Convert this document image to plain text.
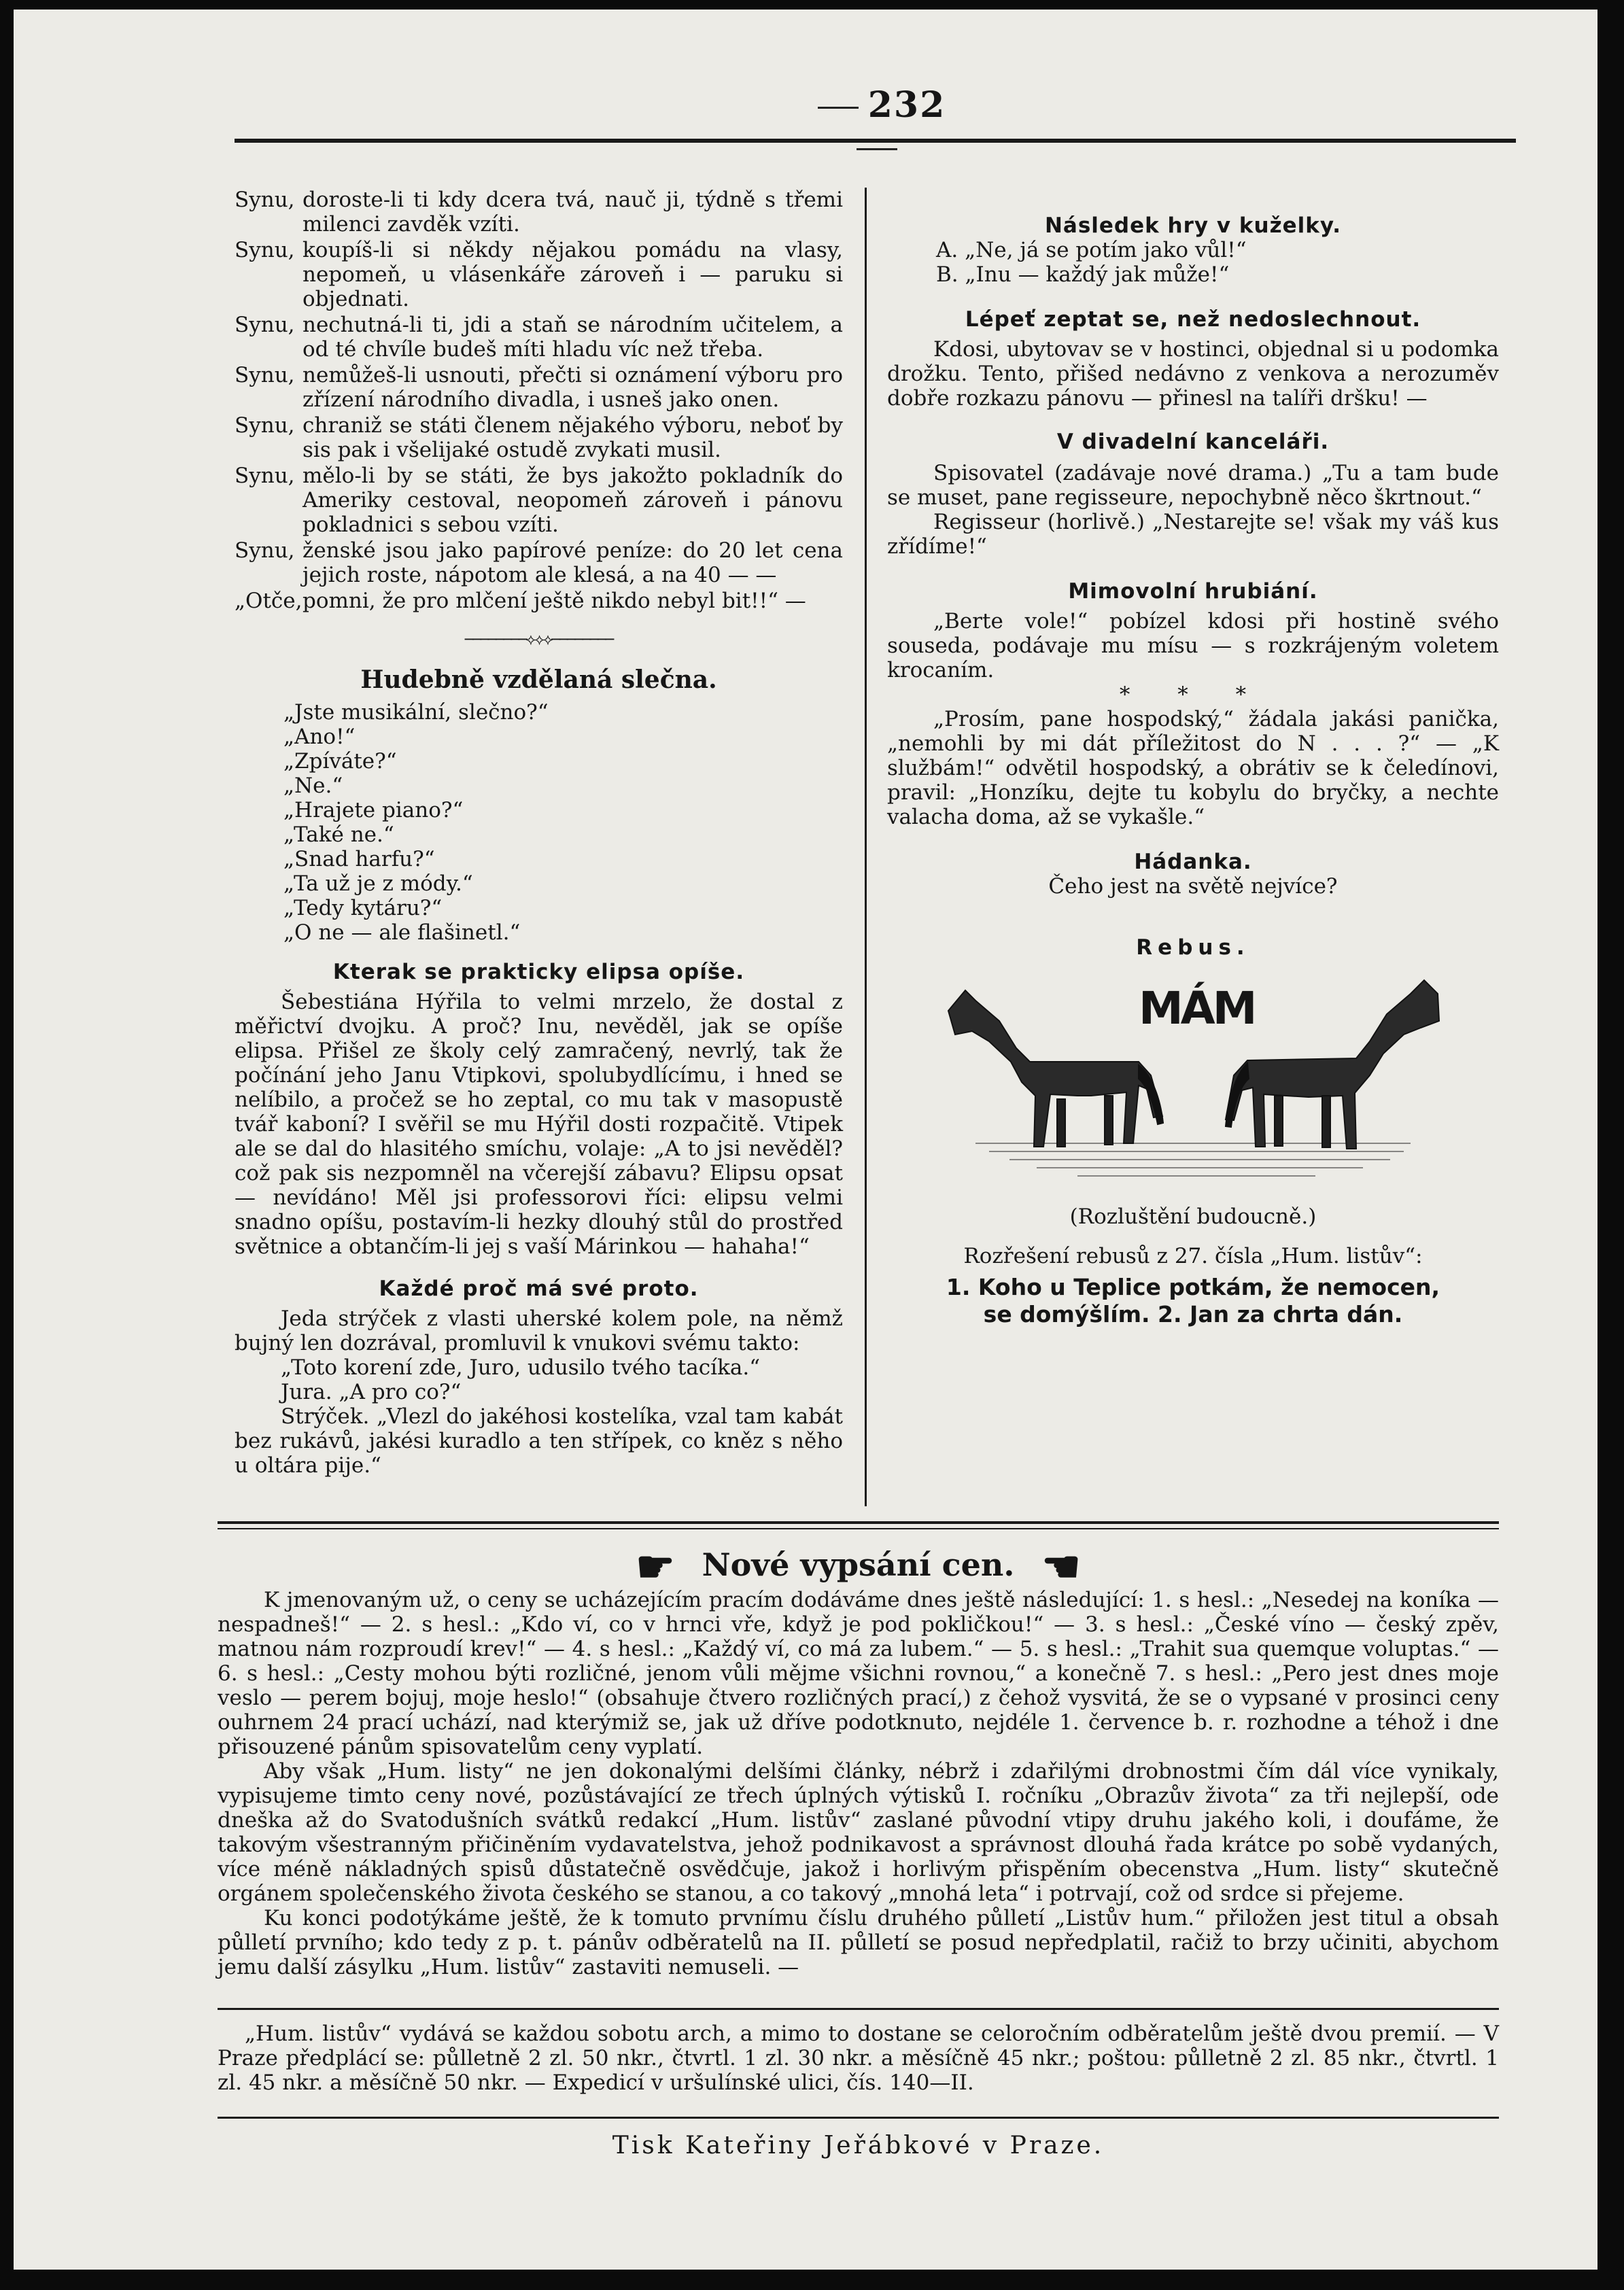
232
Synu, doroste-li ti kdy dcera tvá, nauč ji, týdně s třemi milenci zavděk vzíti.
Synu, koupíš-li si někdy nějakou pomádu na vlasy, nepomeň, u vlásenkáře zároveň i — paruku si objednati.
Synu, nechutná-li ti, jdi a staň se národním učitelem, a od té chvíle budeš míti hladu víc než třeba.
Synu, nemůžeš-li usnouti, přečti si oznámení výboru pro zřízení národního divadla, i usneš jako onen.
Synu, chraniž se státi členem nějakého výboru, neboť by sis pak i všelijaké ostudě zvykati musil.
Synu, mělo-li by se státi, že bys jakožto pokladník do Ameriky cestoval, neopomeň zároveň i pánovu pokladnici s sebou vzíti.
Synu, ženské jsou jako papírové peníze: do 20 let cena jejich roste, nápotom ale klesá, a na 40 — —
„Otče, pomni, že pro mlčení ještě nikdo nebyl bit!!“ —
────────⟡⟡⟡────────

Hudebně vzdělaná slečna.

„Jste musikální, slečno?“

„Ano!“

„Zpíváte?“

„Ne.“

„Hrajete piano?“

„Také ne.“

„Snad harfu?“

„Ta už je z módy.“

„Tedy kytáru?“

„O ne — ale flašinetl.“

Kterak se prakticky elipsa opíše.

Šebestiána Hýřila to velmi mrzelo, že dostal z měřictví dvojku. A proč? Inu, nevěděl, jak se opíše elipsa. Přišel ze školy celý zamračený, nevrlý, tak že počínání jeho Janu Vtipkovi, spolubydlícímu, i hned se nelíbilo, a pročež se ho zeptal, co mu tak v masopustě tvář kaboní? I svěřil se mu Hýřil dosti rozpačitě. Vtipek ale se dal do hlasitého smíchu, volaje: „A to jsi nevěděl? což pak sis nezpomněl na včerejší zábavu? Elipsu opsat — nevídáno! Měl jsi professorovi říci: elipsu velmi snadno opíšu, postavím-li hezky dlouhý stůl do prostřed světnice a obtančím-li jej s vaší Márinkou — hahaha!“

Každé proč má své proto.

Jeda strýček z vlasti uherské kolem pole, na němž bujný len dozrával, promluvil k vnukovi svému takto:

„Toto korení zde, Juro, udusilo tvého tacíka.“

Jura. „A pro co?“

Strýček. „Vlezl do jakéhosi kostelíka, vzal tam kabát bez rukávů, jakési kuradlo a ten střípek, co kněz s něho u oltára pije.“

Následek hry v kuželky.

A. „Ne, já se potím jako vůl!“

B. „Inu — každý jak může!“

Lépeť zeptat se, než nedoslechnout.

Kdosi, ubytovav se v hostinci, objednal si u podomka drožku. Tento, přišed nedávno z venkova a nerozuměv dobře rozkazu pánovu — přinesl na talíři dršku! —

V divadelní kanceláři.

Spisovatel (zadávaje nové drama.) „Tu a tam bude se muset, pane regisseure, nepochybně něco škrtnout.“

Regisseur (horlivě.) „Nestarejte se! však my váš kus zřídíme!“

Mimovolní hrubiání.

„Berte vole!“ pobízel kdosi při hostině svého souseda, podávaje mu mísu — s rozkrájeným voletem krocaním.

* * *

„Prosím, pane hospodský,“ žádala jakási panička, „nemohli by mi dát příležitost do N . . . ?“ — „K službám!“ odvětil hospodský, a obrátiv se k čeledínovi, pravil: „Honzíku, dejte tu kobylu do bryčky, a nechte valacha doma, až se vykašle.“

Hádanka.

Čeho jest na světě nejvíce?

Rebus.

MÁM

(Rozluštění budoucně.)

Rozřešení rebusů z 27. čísla „Hum. listův“:

1. Koho u Teplice potkám, že nemocen,

se domýšlím. 2. Jan za chrta dán.

☛ Nové vypsání cen. ☚

K jmenovaným už, o ceny se ucházejícím pracím dodáváme dnes ještě následující: 1. s hesl.: „Nesedej na koníka — nespadneš!“ — 2. s hesl.: „Kdo ví, co v hrnci vře, když je pod pokličkou!“ — 3. s hesl.: „České víno — český zpěv, matnou nám rozproudí krev!“ — 4. s hesl.: „Každý ví, co má za lubem.“ — 5. s hesl.: „Trahit sua quemque voluptas.“ — 6. s hesl.: „Cesty mohou býti rozličné, jenom vůli mějme všichni rovnou,“ a konečně 7. s hesl.: „Pero jest dnes moje veslo — perem bojuj, moje heslo!“ (obsahuje čtvero rozličných prací,) z čehož vysvitá, že se o vypsané v prosinci ceny ouhrnem 24 prací uchází, nad kterýmiž se, jak už dříve podotknuto, nejdéle 1. července b. r. rozhodne a téhož i dne přisouzené pánům spisovatelům ceny vyplatí.

Aby však „Hum. listy“ ne jen dokonalými delšími články, nébrž i zdařilými drobnostmi čím dál více vynikaly, vypisujeme timto ceny nové, pozůstávající ze třech úplných výtisků I. ročníku „Obrazův života“ za tři nejlepší, ode dneška až do Svatodušních svátků redakcí „Hum. listův“ zaslané původní vtipy druhu jakého koli, i doufáme, že takovým všestranným přičiněním vydavatelstva, jehož podnikavost a správnost dlouhá řada krátce po sobě vydaných, více méně nákladných spisů důstatečně osvědčuje, jakož i horlivým přispěním obecenstva „Hum. listy“ skutečně orgánem společenského života českého se stanou, a co takový „mnohá leta“ i potrvají, což od srdce si přejeme.

Ku konci podotýkáme ještě, že k tomuto prvnímu číslu druhého půlletí „Listův hum.“ přiložen jest titul a obsah půlletí prvního; kdo tedy z p. t. pánův odběratelů na II. půlletí se posud nepředplatil, račiž to brzy učiniti, abychom jemu další zásylku „Hum. listův“ zastaviti nemuseli. —

„Hum. listův“ vydává se každou sobotu arch, a mimo to dostane se celoročním odběratelům ještě dvou premií. — V Praze předplácí se: půlletně 2 zl. 50 nkr., čtvrtl. 1 zl. 30 nkr. a měsíčně 45 nkr.; poštou: půlletně 2 zl. 85 nkr., čtvrtl. 1 zl. 45 nkr. a měsíčně 50 nkr. — Expedicí v uršulínské ulici, čís. 140—II.

Tisk Kateřiny Jeřábkové v Praze.
